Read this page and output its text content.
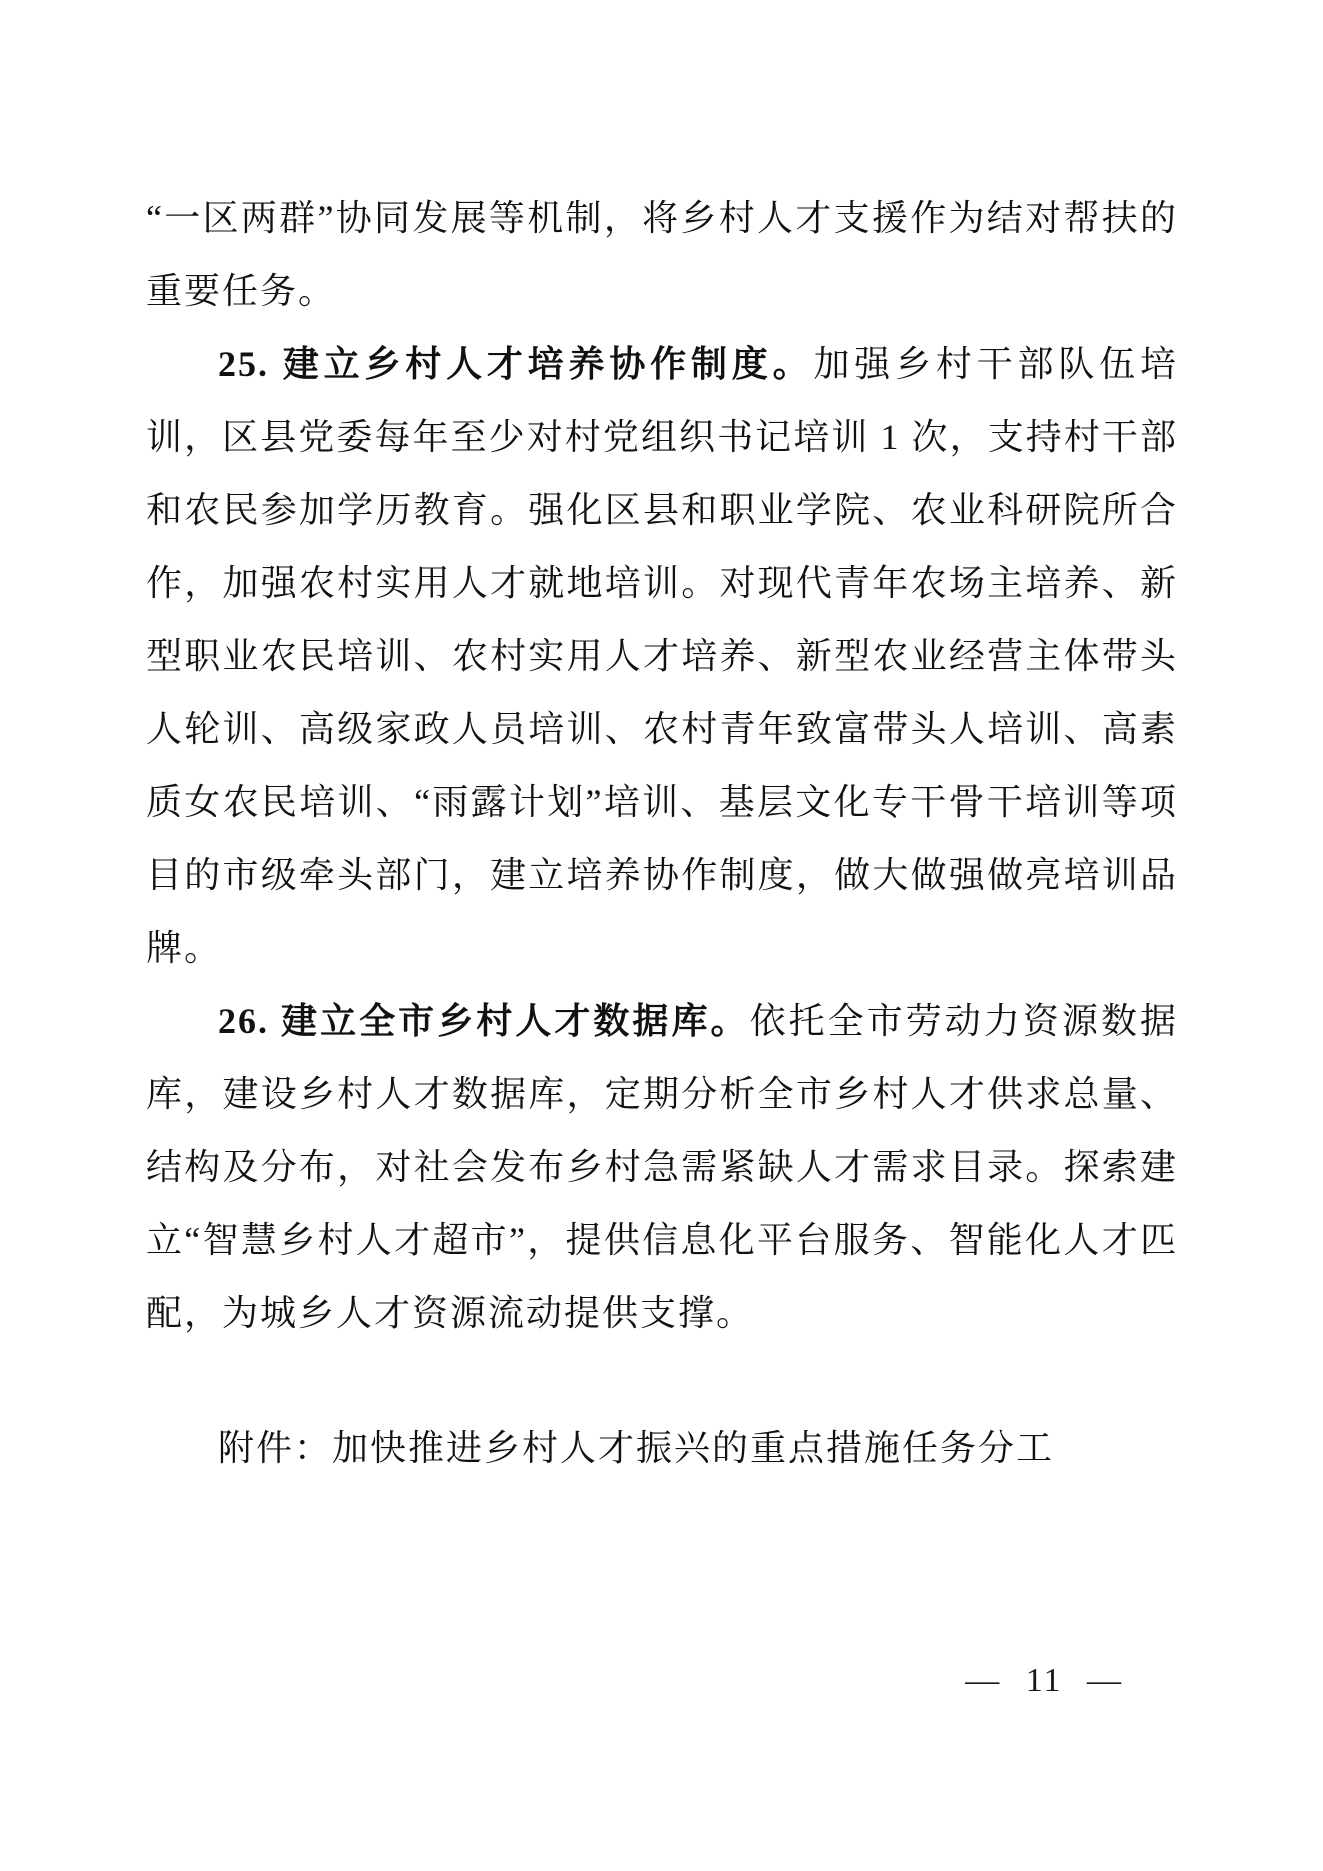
“一区两群”协同发展等机制，将乡村人才支援作为结对帮扶的重要任务。

25. 建立乡村人才培养协作制度。加强乡村干部队伍培训，区县党委每年至少对村党组织书记培训 1 次，支持村干部和农民参加学历教育。强化区县和职业学院、农业科研院所合作，加强农村实用人才就地培训。对现代青年农场主培养、新型职业农民培训、农村实用人才培养、新型农业经营主体带头人轮训、高级家政人员培训、农村青年致富带头人培训、高素质女农民培训、“雨露计划”培训、基层文化专干骨干培训等项目的市级牵头部门，建立培养协作制度，做大做强做亮培训品牌。

26. 建立全市乡村人才数据库。依托全市劳动力资源数据库，建设乡村人才数据库，定期分析全市乡村人才供求总量、结构及分布，对社会发布乡村急需紧缺人才需求目录。探索建立“智慧乡村人才超市”，提供信息化平台服务、智能化人才匹配，为城乡人才资源流动提供支撑。

附件：加快推进乡村人才振兴的重点措施任务分工

— 11 —
